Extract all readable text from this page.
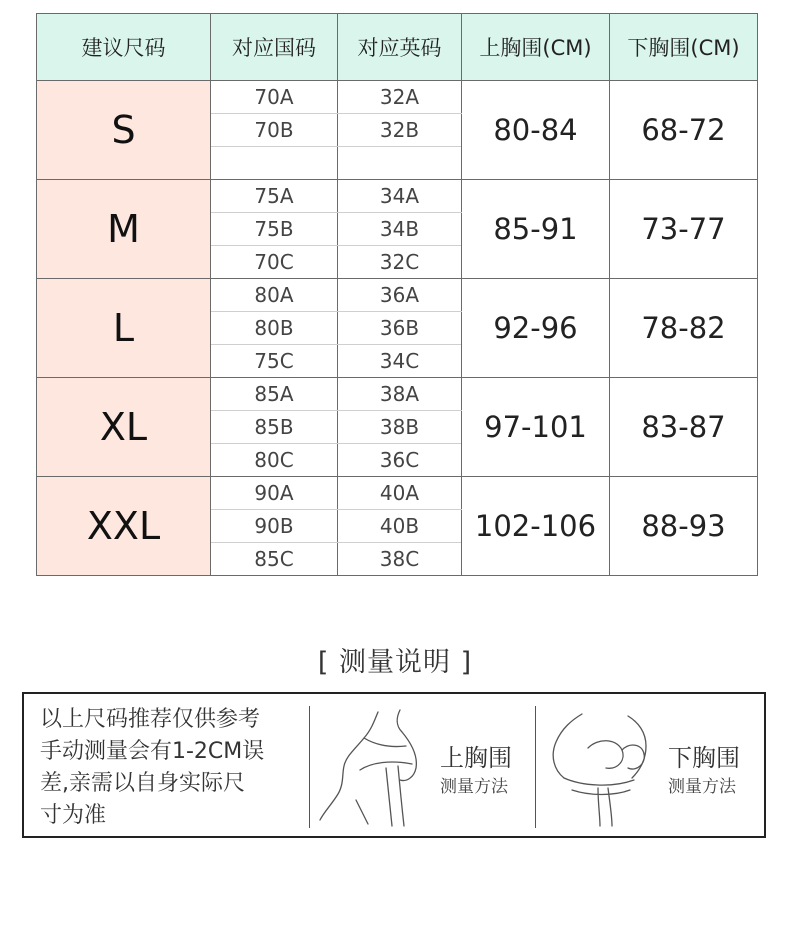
建议尺码	对应国码	对应英码	上胸围(CM)	下胸围(CM)
S	70A	32A	80-84	68-72
	70B	32B		

M	75A	34A	85-91	73-77
	75B	34B		
	70C	32C		
L	80A	36A	92-96	78-82
	80B	36B		
	75C	34C		
XL	85A	38A	97-101	83-87
	85B	38B		
	80C	36C		
XXL	90A	40A	102-106	88-93
	90B	40B		
	85C	38C		
[ 测量说明 ]
以上尺码推荐仅供参考
手动测量会有1-2CM误
差,亲需以自身实际尺
寸为准
上胸围
测量方法
下胸围
测量方法
